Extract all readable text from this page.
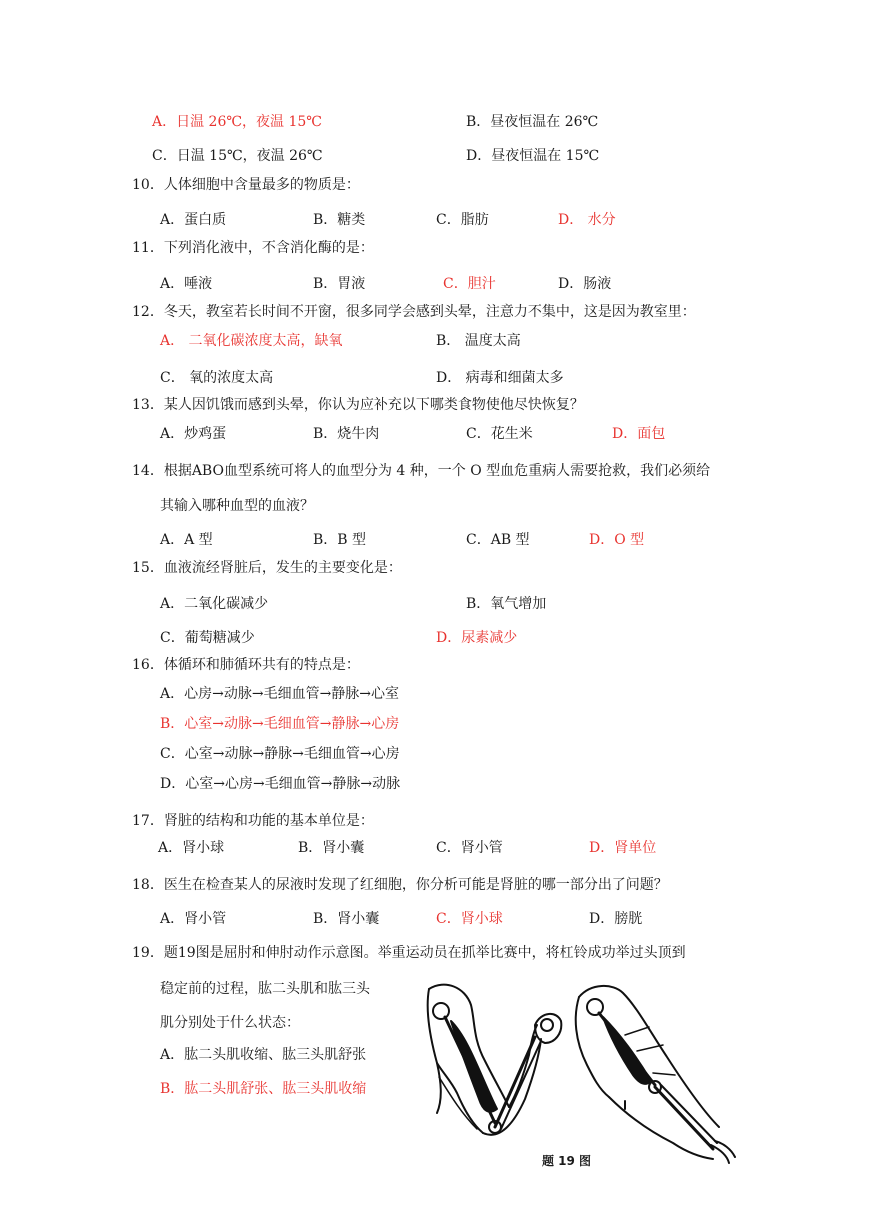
A．日温 26℃，夜温 15℃	B．昼夜恒温在 26℃

C．日温 15℃，夜温 26℃	D．昼夜恒温在 15℃

10．人体细胞中含量最多的物质是：

A．蛋白质	B．糖类	C．脂肪	D． 水分

11．下列消化液中，不含消化酶的是：

A．唾液	B．胃液	C．胆汁	D．肠液

12．冬天，教室若长时间不开窗，很多同学会感到头晕，注意力不集中，这是因为教室里：

A． 二氧化碳浓度太高，缺氧	B． 温度太高

C． 氧的浓度太高	D． 病毒和细菌太多

13．某人因饥饿而感到头晕，你认为应补充以下哪类食物使他尽快恢复？

A．炒鸡蛋	B．烧牛肉	C．花生米	D．面包

14．根据ABO血型系统可将人的血型分为 4 种，一个 O 型血危重病人需要抢救，我们必须给

其输入哪种血型的血液？

A．A 型	B．B 型	C．AB 型	D．O 型

15．血液流经肾脏后，发生的主要变化是：

A．二氧化碳减少	B．氧气增加

C．葡萄糖减少	D．尿素减少

16．体循环和肺循环共有的特点是：

A．心房→动脉→毛细血管→静脉→心室

B．心室→动脉→毛细血管→静脉→心房

C．心室→动脉→静脉→毛细血管→心房

D．心室→心房→毛细血管→静脉→动脉

17．肾脏的结构和功能的基本单位是：

A．肾小球	B．肾小囊	C．肾小管	D．肾单位

18．医生在检查某人的尿液时发现了红细胞，你分析可能是肾脏的哪一部分出了问题？

A．肾小管	B．肾小囊	C．肾小球	D．膀胱

19．题19图是屈肘和伸肘动作示意图。举重运动员在抓举比赛中，将杠铃成功举过头顶到

稳定前的过程，肱二头肌和肱三头

肌分别处于什么状态：

A．肱二头肌收缩、肱三头肌舒张

B．肱二头肌舒张、肱三头肌收缩

题 19 图
